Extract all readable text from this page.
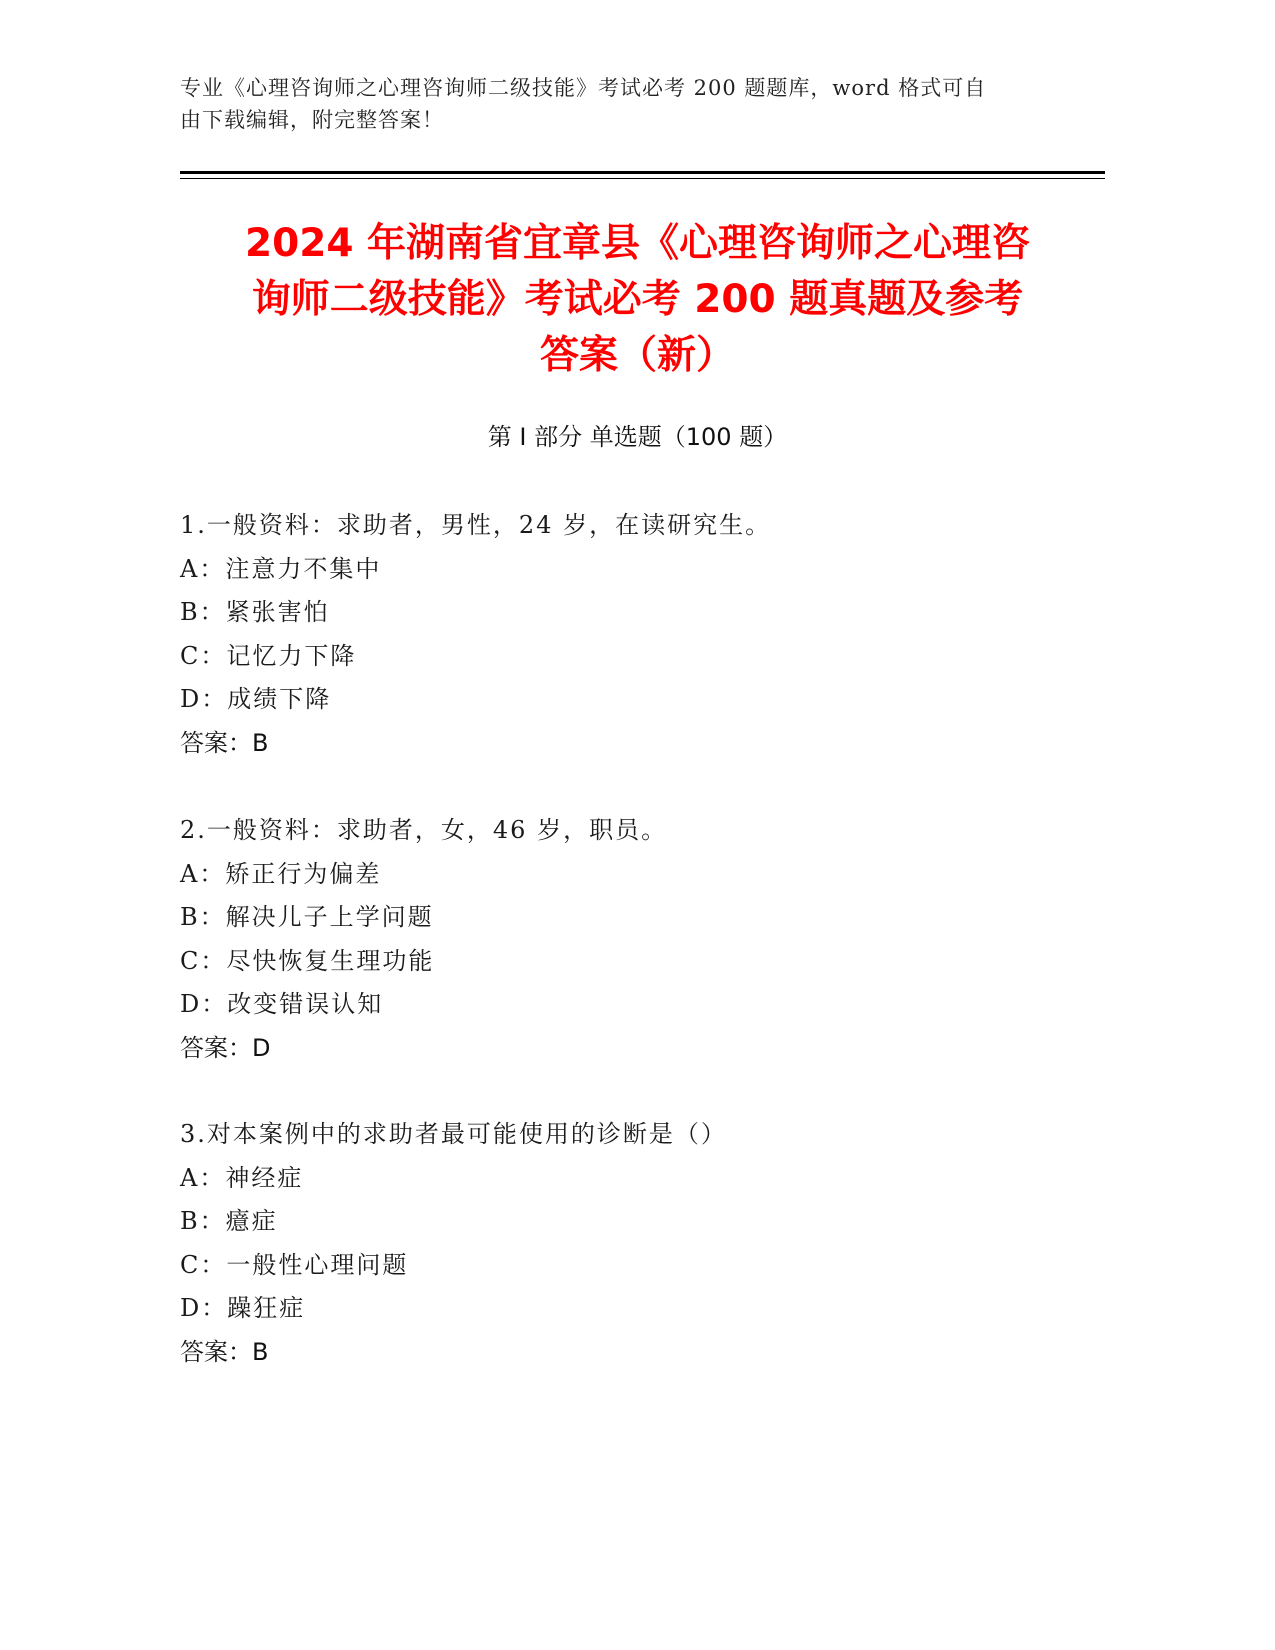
专业《心理咨询师之心理咨询师二级技能》考试必考 200 题题库，word 格式可自
由下载编辑，附完整答案！
2024 年湖南省宜章县《心理咨询师之心理咨
询师二级技能》考试必考 200 题真题及参考
答案（新）
第 I 部分 单选题（100 题）
1.一般资料：求助者，男性，24 岁，在读研究生。
A：注意力不集中
B：紧张害怕
C：记忆力下降
D：成绩下降
答案：B
2.一般资料：求助者，女，46 岁，职员。
A：矫正行为偏差
B：解决儿子上学问题
C：尽快恢复生理功能
D：改变错误认知
答案：D
3.对本案例中的求助者最可能使用的诊断是（）
A：神经症
B：癔症
C：一般性心理问题
D：躁狂症
答案：B
